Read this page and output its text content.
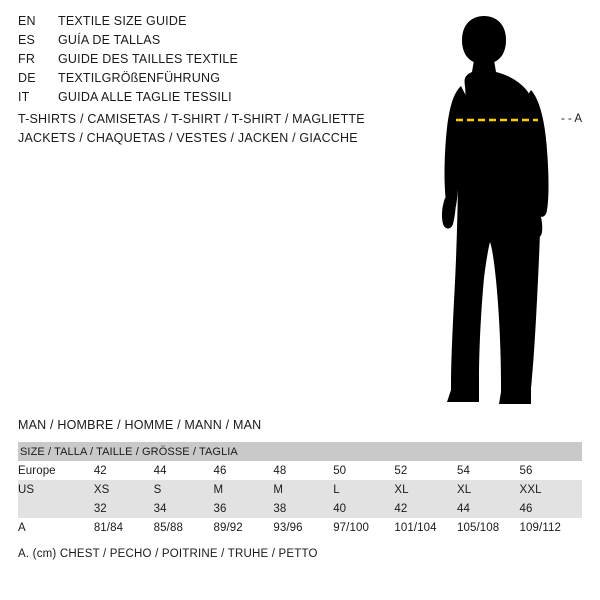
EN	TEXTILE SIZE GUIDE
ES	GUÍA DE TALLAS
FR	GUIDE DES TAILLES TEXTILE
DE	TEXTILGRÖßENFÜHRUNG
IT	GUIDA ALLE TAGLIE TESSILI
T-SHIRTS / CAMISETAS / T-SHIRT / T-SHIRT / MAGLIETTE
JACKETS / CHAQUETAS / VESTES / JACKEN / GIACCHE
- - A
MAN / HOMBRE / HOMME / MANN / MAN
SIZE / TALLA / TAILLE / GRÖSSE / TAGLIA								
Europe	42	44	46	48	50	52	54	56
US	XS	S	M	M	L	XL	XL	XXL
	32	34	36	38	40	42	44	46
A	81/84	85/88	89/92	93/96	97/100	101/104	105/108	109/112
A. (cm) CHEST / PECHO / POITRINE / TRUHE / PETTO
